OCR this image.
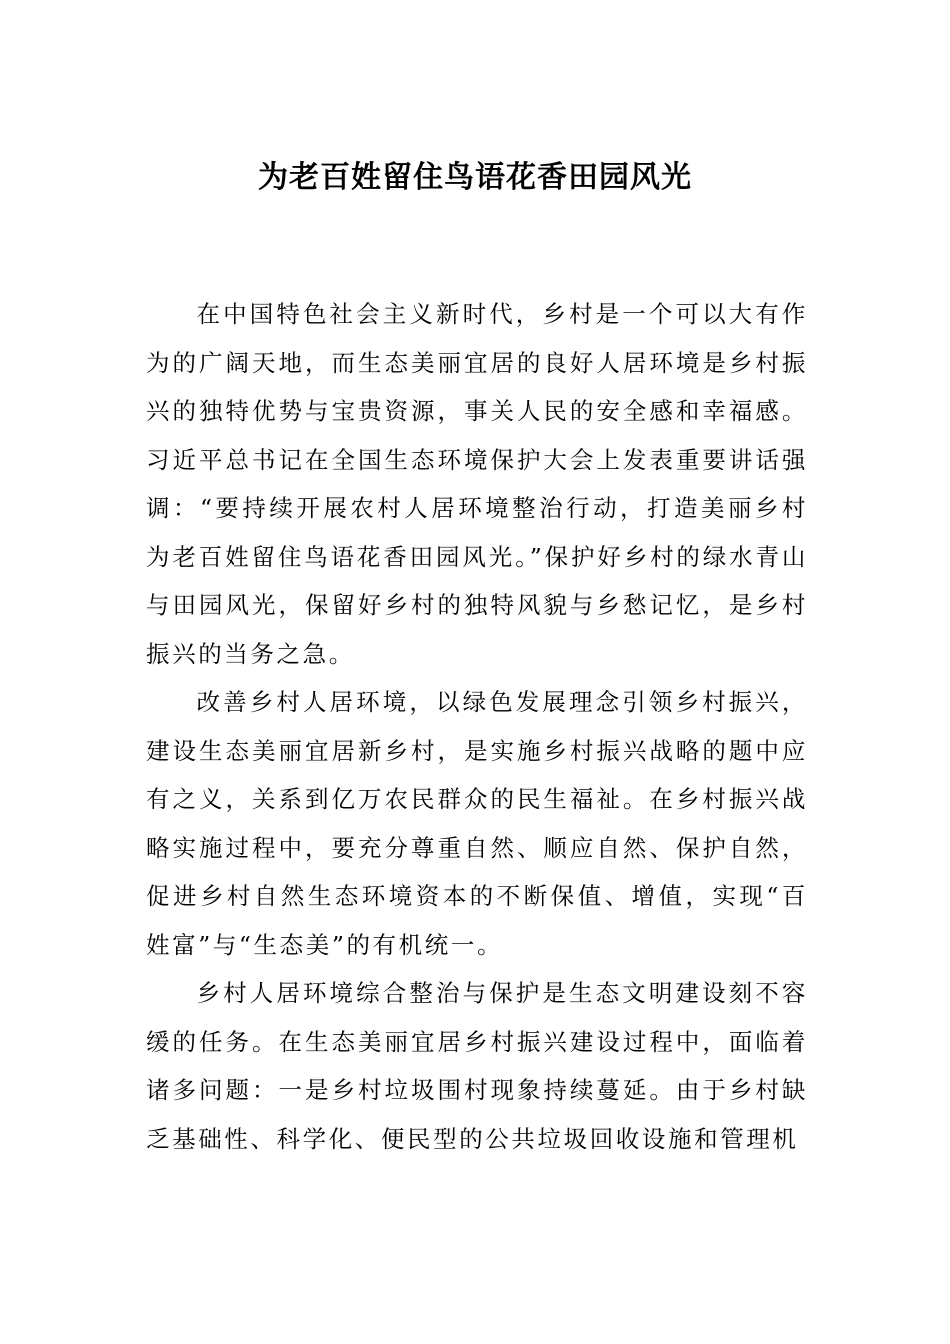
为老百姓留住鸟语花香田园风光

在中国特色社会主义新时代，乡村是一个可以大有作为的广阔天地，而生态美丽宜居的良好人居环境是乡村振兴的独特优势与宝贵资源，事关人民的安全感和幸福感。习近平总书记在全国生态环境保护大会上发表重要讲话强调：“要持续开展农村人居环境整治行动，打造美丽乡村为老百姓留住鸟语花香田园风光。”保护好乡村的绿水青山与田园风光，保留好乡村的独特风貌与乡愁记忆，是乡村振兴的当务之急。

改善乡村人居环境，以绿色发展理念引领乡村振兴，建设生态美丽宜居新乡村，是实施乡村振兴战略的题中应有之义，关系到亿万农民群众的民生福祉。在乡村振兴战略实施过程中，要充分尊重自然、顺应自然、保护自然，促进乡村自然生态环境资本的不断保值、增值，实现“百姓富”与“生态美”的有机统一。

乡村人居环境综合整治与保护是生态文明建设刻不容缓的任务。在生态美丽宜居乡村振兴建设过程中，面临着诸多问题：一是乡村垃圾围村现象持续蔓延。由于乡村缺乏基础性、科学化、便民型的公共垃圾回收设施和管理机
